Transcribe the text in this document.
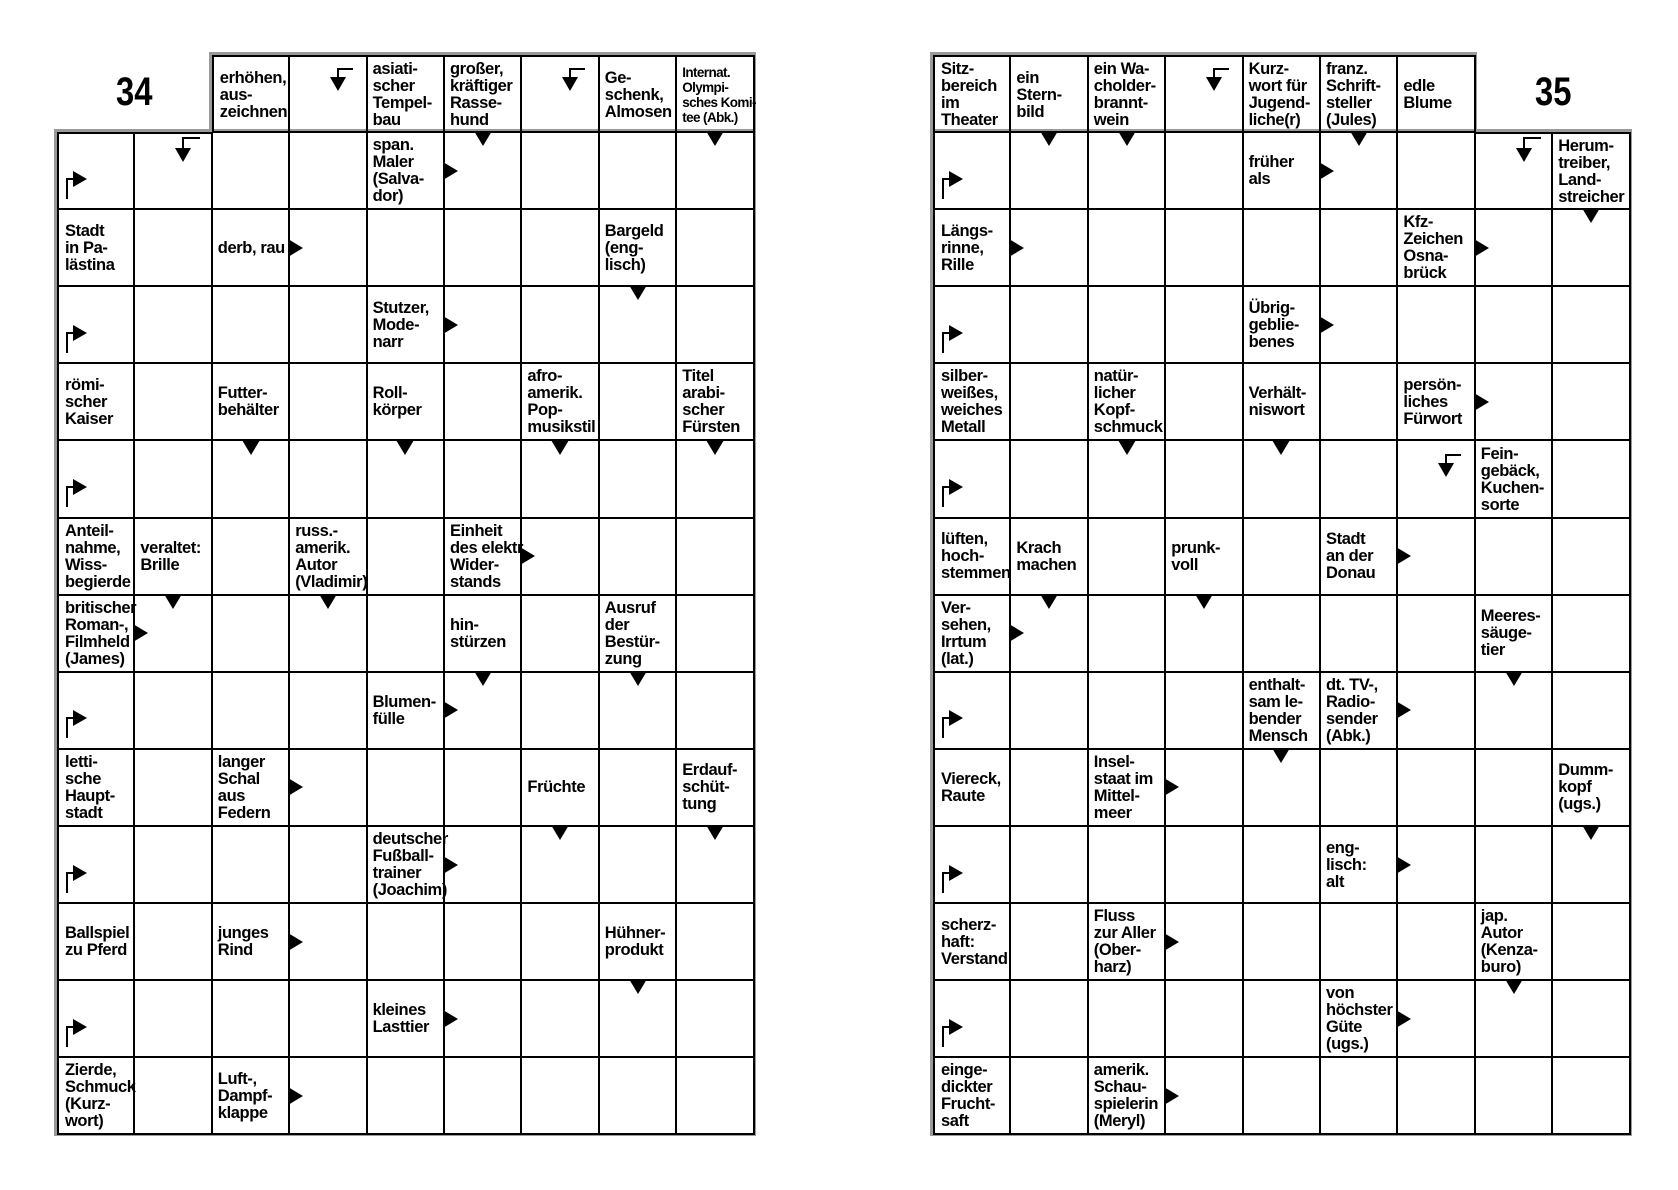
34	35
erhöhen,
aus-
zeichnen
asiati-
scher
Tempel-
bau
großer,
kräftiger
Rasse-
hund
Ge-
schenk,
Almosen
Internat.
Olympi-
sches Komi-
tee (Abk.)
span.
Maler
(Salva-
dor)
Stadt
in Pa-
lästina
derb, rau
Bargeld
(eng-
lisch)
Stutzer,
Mode-
narr
römi-
scher
Kaiser
Futter-
behälter
Roll-
körper
afro-
amerik.
Pop-
musikstil
Titel
arabi-
scher
Fürsten
Anteil-
nahme,
Wiss-
begierde
veraltet:
Brille
russ.-
amerik.
Autor
(Vladimir)
Einheit
des elektr.
Wider-
stands
britischer
Roman-,
Filmheld
(James)
hin-
stürzen
Ausruf
der
Bestür-
zung
Blumen-
fülle
letti-
sche
Haupt-
stadt
langer
Schal
aus
Federn
Früchte
Erdauf-
schüt-
tung
deutscher
Fußball-
trainer
(Joachim)
Ballspiel
zu Pferd
junges
Rind
Hühner-
produkt
kleines
Lasttier
Zierde,
Schmuck
(Kurz-
wort)
Luft-,
Dampf-
klappe
Sitz-
bereich
im
Theater
ein
Stern-
bild
ein Wa-
cholder-
brannt-
wein
Kurz-
wort für
Jugend-
liche(r)
franz.
Schrift-
steller
(Jules)
edle
Blume
früher
als
Herum-
treiber,
Land-
streicher
Längs-
rinne,
Rille
Kfz-
Zeichen
Osna-
brück
Übrig-
geblie-
benes
silber-
weißes,
weiches
Metall
natür-
licher
Kopf-
schmuck
Verhält-
niswort
persön-
liches
Fürwort
Fein-
gebäck,
Kuchen-
sorte
lüften,
hoch-
stemmen
Krach
machen
prunk-
voll
Stadt
an der
Donau
Ver-
sehen,
Irrtum
(lat.)
Meeres-
säuge-
tier
enthalt-
sam le-
bender
Mensch
dt. TV-,
Radio-
sender
(Abk.)
Viereck,
Raute
Insel-
staat im
Mittel-
meer
Dumm-
kopf
(ugs.)
eng-
lisch:
alt
scherz-
haft:
Verstand
Fluss
zur Aller
(Ober-
harz)
jap.
Autor
(Kenza-
buro)
von
höchster
Güte
(ugs.)
einge-
dickter
Frucht-
saft
amerik.
Schau-
spielerin
(Meryl)
